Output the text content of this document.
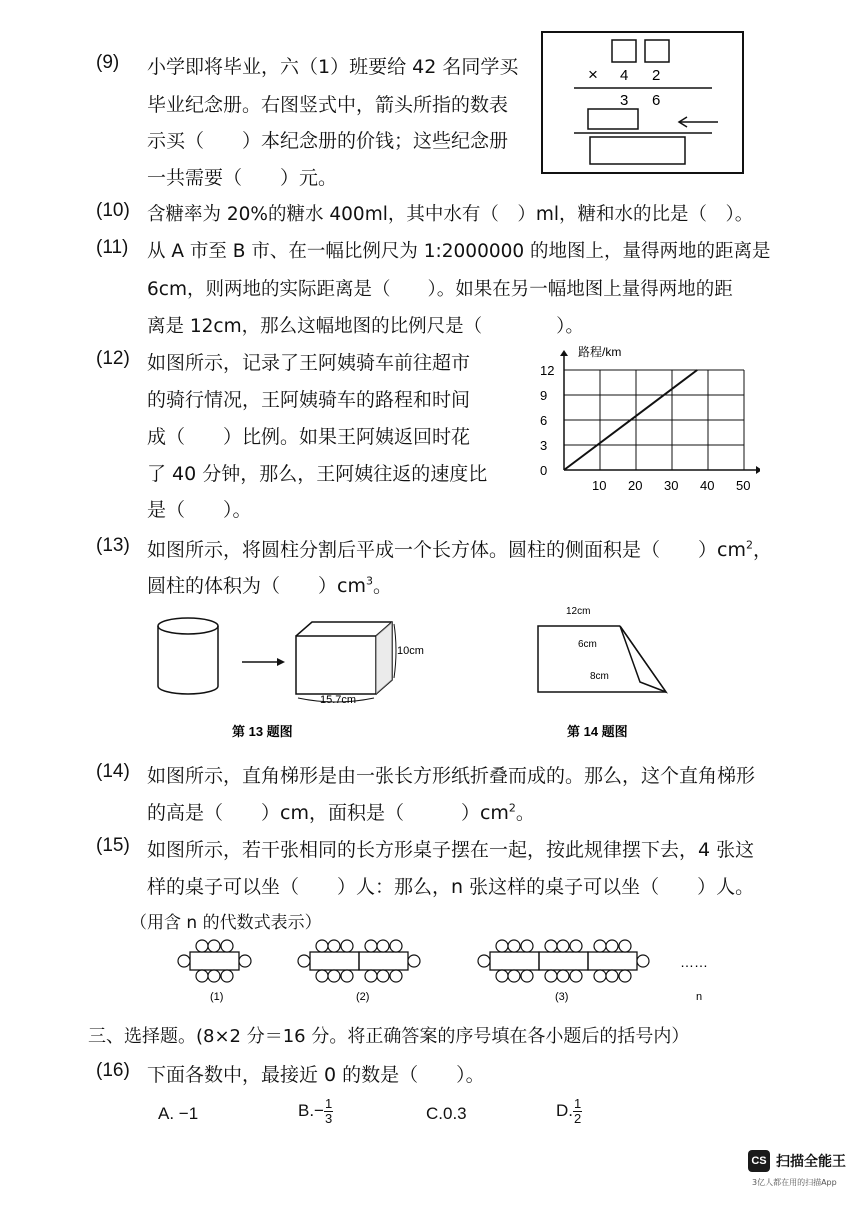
(9) 小学即将毕业，六（1）班要给 42 名同学买
毕业纪念册。右图竖式中，箭头所指的数表
示买（　　）本纪念册的价钱；这些纪念册
一共需要（　　）元。
× 4 2
3 6
(10) 含糖率为 20%的糖水 400ml，其中水有（　）ml，糖和水的比是（　）。
(11) 从 A 市至 B 市、在一幅比例尺为 1:2000000 的地图上，量得两地的距离是
6cm，则两地的实际距离是（　　）。如果在另一幅地图上量得两地的距
离是 12cm，那么这幅地图的比例尺是（　　　　）。
(12) 如图所示，记录了王阿姨骑车前往超市
的骑行情况，王阿姨骑车的路程和时间
成（　　）比例。如果王阿姨返回时花
了 40 分钟，那么，王阿姨往返的速度比
是（　　）。
10 20 30 40 50
0
3
6
9
12
路程/km
(13) 如图所示，将圆柱分割后平成一个长方体。圆柱的侧面积是（　　）$cm^2$，
圆柱的体积为（　　）$cm^3$。
10cm
15.7cm
第 13 题图
12cm
6cm
8cm
第 14 题图
(14) 如图所示，直角梯形是由一张长方形纸折叠而成的。那么，这个直角梯形
的高是（　　）cm，面积是（　　　）$cm^2$。
(15) 如图所示，若干张相同的长方形桌子摆在一起，按此规律摆下去，4 张这
样的桌子可以坐（　　）人：那么，n 张这样的桌子可以坐（　　）人。
（用含 n 的代数式表示）
(1)	(2)	(3)	n
……
三、选择题。(8×2 分＝16 分。将正确答案的序号填在各小题后的括号内）
(16) 下面各数中，最接近 0 的数是（　　）。
A. −1	$B.- \frac{1}{3}$	C.0.3	D. $\frac{1}{2}$
CS 扫描全能王
3亿人都在用的扫描App
